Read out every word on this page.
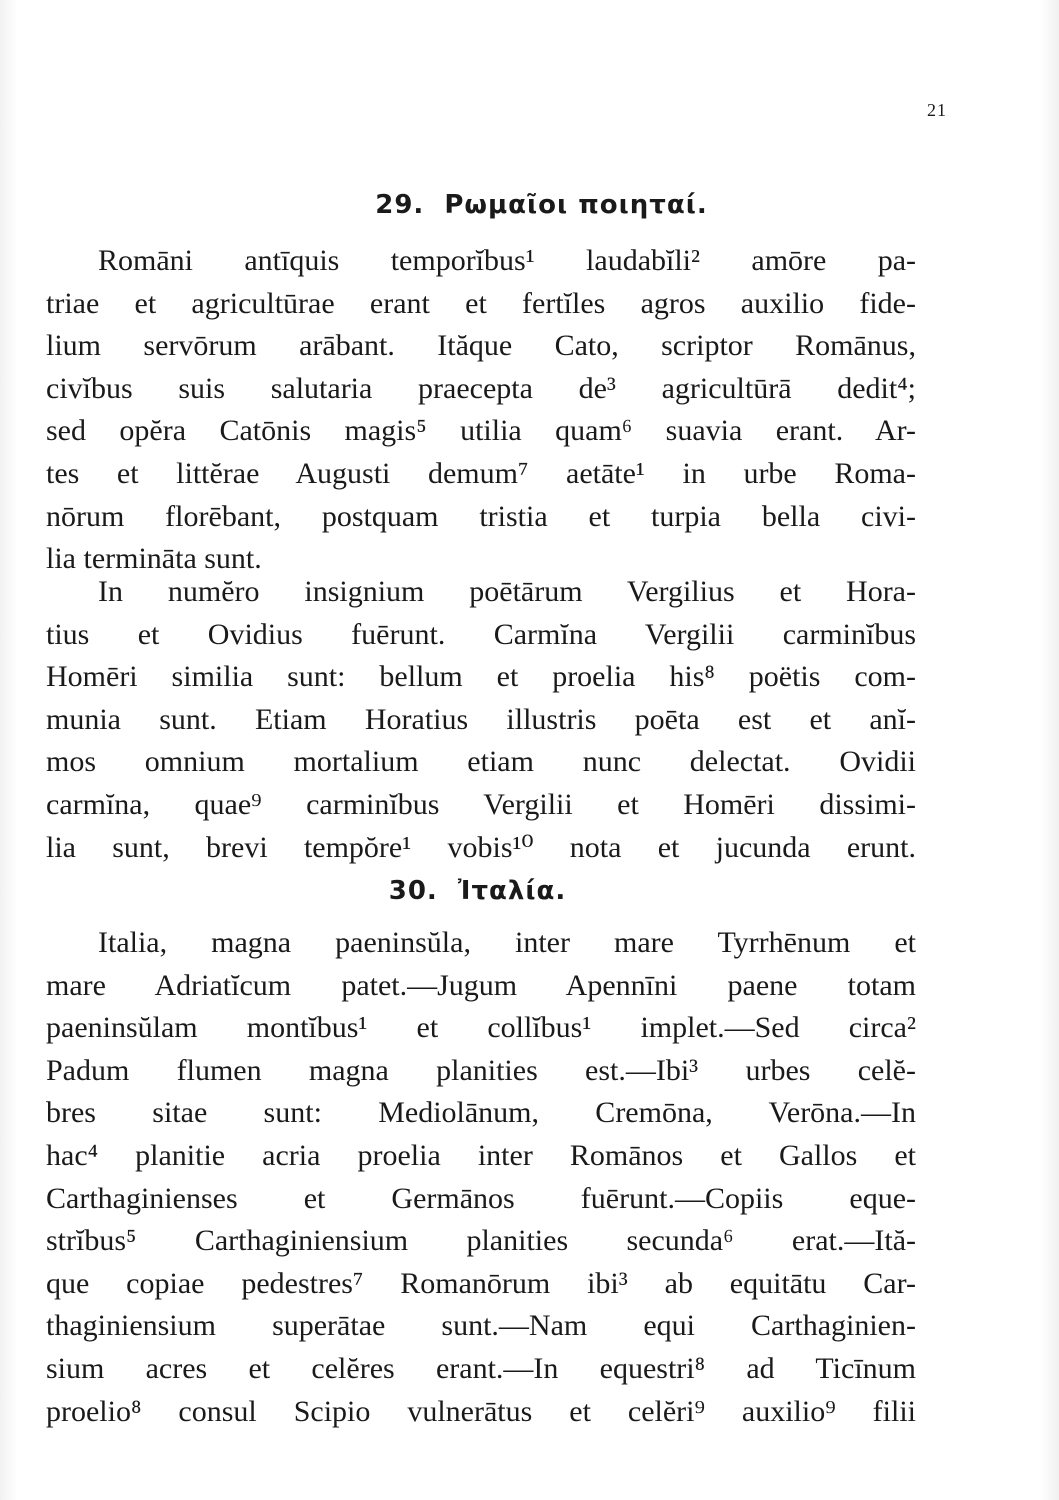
21
29. Ρωμαῖοι ποιηταί.
Romāni antīquis temporĭbus¹ laudabĭli² amōre pa-
triae et agricultūrae erant et fertĭles agros auxilio fide-
lium servōrum arābant. Ităque Cato, scriptor Romānus,
civĭbus suis salutaria praecepta de³ agricultūrā dedit⁴;
sed opĕra Catōnis magis⁵ utilia quam⁶ suavia erant. Ar-
tes et littĕrae Augusti demum⁷ aetāte¹ in urbe Roma-
nōrum florēbant, postquam tristia et turpia bella civi-
lia termināta sunt.
In numĕro insignium poētārum Vergilius et Hora-
tius et Ovidius fuērunt. Carmĭna Vergilii carminĭbus
Homēri similia sunt: bellum et proelia his⁸ poëtis com-
munia sunt. Etiam Horatius illustris poēta est et anĭ-
mos omnium mortalium etiam nunc delectat. Ovidii
carmĭna, quae⁹ carminĭbus Vergilii et Homēri dissimi-
lia sunt, brevi tempŏre¹ vobis¹⁰ nota et jucunda erunt.
30. Ἰταλία.
Italia, magna paeninsŭla, inter mare Tyrrhēnum et
mare Adriatĭcum patet.—Jugum Apennīni paene totam
paeninsŭlam montĭbus¹ et collĭbus¹ implet.—Sed circa²
Padum flumen magna planities est.—Ibi³ urbes celĕ-
bres sitae sunt: Mediolānum, Cremōna, Verōna.—In
hac⁴ planitie acria proelia inter Romānos et Gallos et
Carthaginienses et Germānos fuērunt.—Copiis eque-
strĭbus⁵ Carthaginiensium planities secunda⁶ erat.—Ită-
que copiae pedestres⁷ Romanōrum ibi³ ab equitātu Car-
thaginiensium superātae sunt.—Nam equi Carthaginien-
sium acres et celĕres erant.—In equestri⁸ ad Ticīnum
proelio⁸ consul Scipio vulnerātus et celĕri⁹ auxilio⁹ filii
